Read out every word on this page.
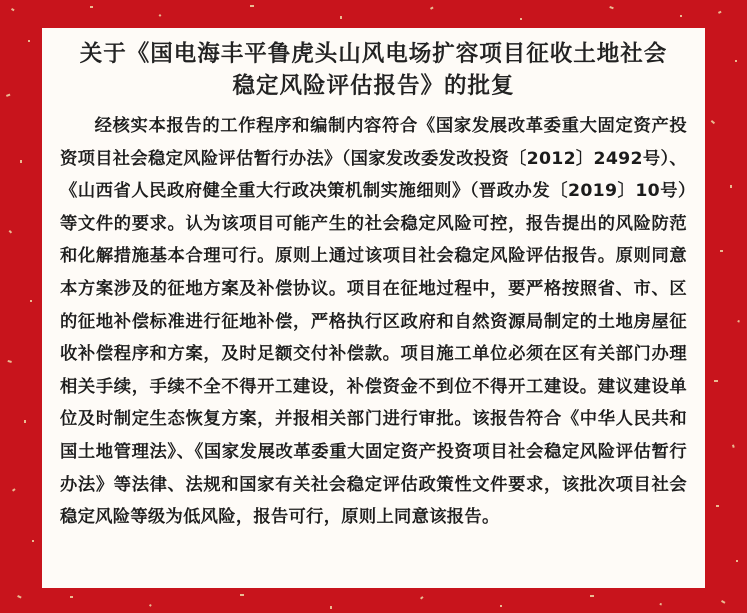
关于《国电海丰平鲁虎头山风电场扩容项目征收土地社会
稳定风险评估报告》的批复

经核实本报告的工作程序和编制内容符合《国家发展改革委重大固定资产投资项目社会稳定风险评估暂行办法》（国家发改委发改投资〔2012〕2492号）、《山西省人民政府健全重大行政决策机制实施细则》（晋政办发〔2019〕10号）等文件的要求。认为该项目可能产生的社会稳定风险可控，报告提出的风险防范和化解措施基本合理可行。原则上通过该项目社会稳定风险评估报告。原则同意本方案涉及的征地方案及补偿协议。项目在征地过程中，要严格按照省、市、区的征地补偿标准进行征地补偿，严格执行区政府和自然资源局制定的土地房屋征收补偿程序和方案，及时足额交付补偿款。项目施工单位必须在区有关部门办理相关手续，手续不全不得开工建设，补偿资金不到位不得开工建设。建议建设单位及时制定生态恢复方案，并报相关部门进行审批。该报告符合《中华人民共和国土地管理法》、《国家发展改革委重大固定资产投资项目社会稳定风险评估暂行办法》等法律、法规和国家有关社会稳定评估政策性文件要求，该批次项目社会稳定风险等级为低风险，报告可行，原则上同意该报告。
